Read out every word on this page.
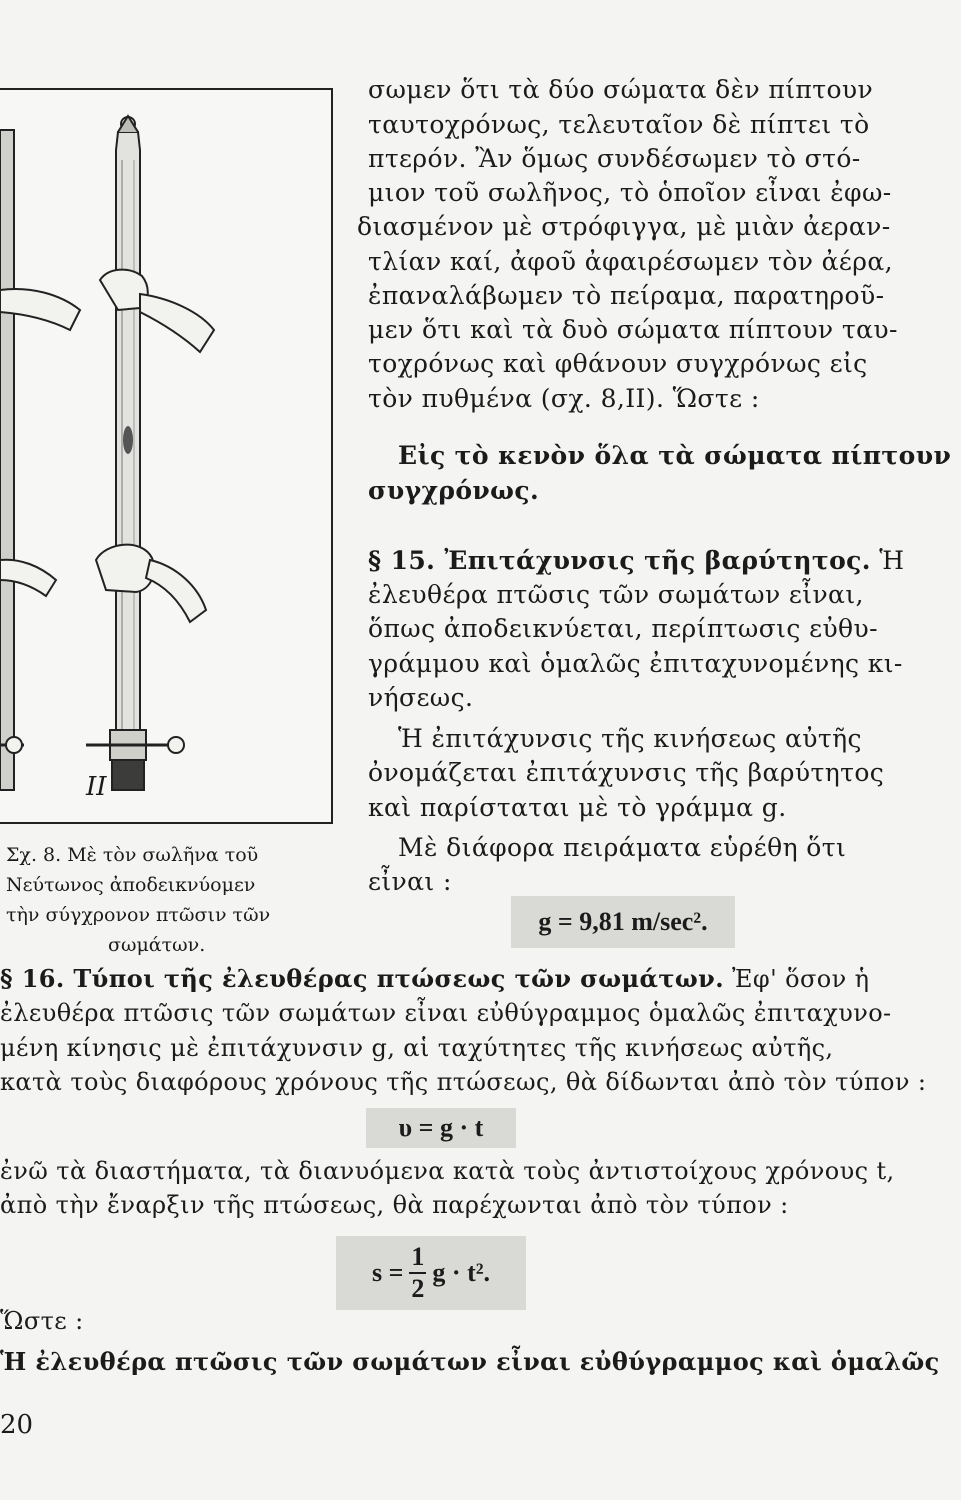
II
σωμεν ὅτι τὰ δύο σώματα δὲν πίπτουν
ταυτοχρόνως, τελευταῖον δὲ πίπτει τὸ
πτερόν. Ἂν ὅμως συνδέσωμεν τὸ στό-
μιον τοῦ σωλῆνος, τὸ ὁποῖον εἶναι ἐφω-
διασμένον μὲ στρόφιγγα, μὲ μιὰν ἀεραν-
τλίαν καί, ἀφοῦ ἀφαιρέσωμεν τὸν ἀέρα,
ἐπαναλάβωμεν τὸ πείραμα, παρατηροῦ-
μεν ὅτι καὶ τὰ δυὸ σώματα πίπτουν ταυ-
τοχρόνως καὶ φθάνουν συγχρόνως εἰς
τὸν πυθμένα (σχ. 8,II). Ὥστε :
Εἰς τὸ κενὸν ὅλα τὰ σώματα πίπτουν
συγχρόνως.
§ 15. Ἐπιτάχυνσις τῆς βαρύτητος. Ἡ
ἐλευθέρα πτῶσις τῶν σωμάτων εἶναι,
ὅπως ἀποδεικνύεται, περίπτωσις εὐθυ-
γράμμου καὶ ὁμαλῶς ἐπιταχυνομένης κι-
νήσεως.
Ἡ ἐπιτάχυνσις τῆς κινήσεως αὐτῆς
ὀνομάζεται ἐπιτάχυνσις τῆς βαρύτητος
καὶ παρίσταται μὲ τὸ γράμμα g.
Μὲ διάφορα πειράματα εὑρέθη ὅτι
εἶναι :
g = 9,81 m/sec².
Σχ. 8. Μὲ τὸν σωλῆνα τοῦ
Νεύτωνος ἀποδεικνύομεν
τὴν σύγχρονον πτῶσιν τῶν
σωμάτων.
§ 16. Τύποι τῆς ἐλευθέρας πτώσεως τῶν σωμάτων. Ἐφ' ὅσον ἡ
ἐλευθέρα πτῶσις τῶν σωμάτων εἶναι εὐθύγραμμος ὁμαλῶς ἐπιταχυνο-
μένη κίνησις μὲ ἐπιτάχυνσιν g, αἱ ταχύτητες τῆς κινήσεως αὐτῆς,
κατὰ τοὺς διαφόρους χρόνους τῆς πτώσεως, θὰ δίδωνται ἀπὸ τὸν τύπον :
υ = g · t
ἐνῶ τὰ διαστήματα, τὰ διανυόμενα κατὰ τοὺς ἀντιστοίχους χρόνους t,
ἀπὸ τὴν ἔναρξιν τῆς πτώσεως, θὰ παρέχωνται ἀπὸ τὸν τύπον :
$s = \frac{1}{2}$ g · t².
Ὥστε :
Ἡ ἐλευθέρα πτῶσις τῶν σωμάτων εἶναι εὐθύγραμμος καὶ ὁμαλῶς
20
